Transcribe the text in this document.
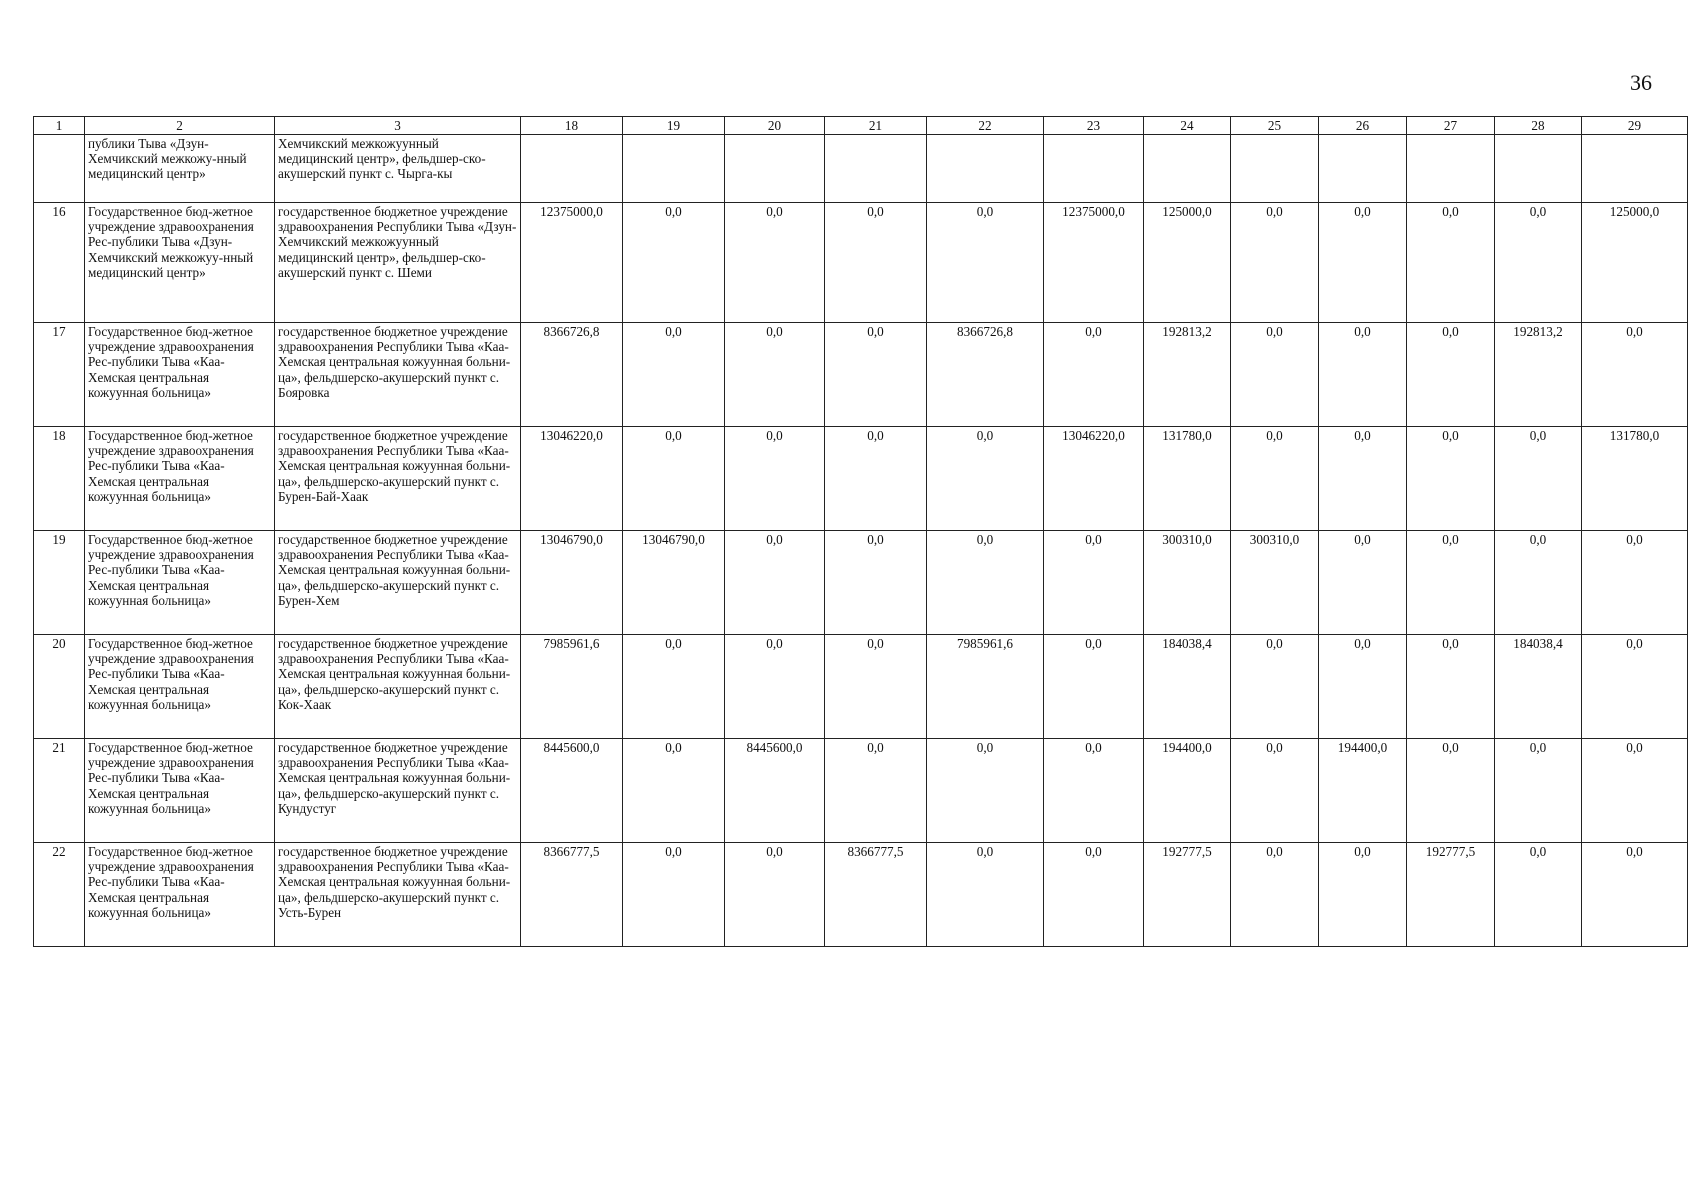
36
1	2	3	18	19	20	21	22	23	24	25	26	27	28	29
	публики Тыва «Дзун-Хемчикский межкожу-нный медицинский центр»	Хемчикский межкожуунный медицинский центр», фельдшер-ско-акушерский пункт с. Чырга-кы												
16	Государственное бюд-жетное учреждение здравоохранения Рес-публики Тыва «Дзун-Хемчикский межкожуу-нный медицинский центр»	государственное бюджетное учреждение здравоохранения Республики Тыва «Дзун-Хемчикский межкожуунный медицинский центр», фельдшер-ско-акушерский пункт с. Шеми	12375000,0	0,0	0,0	0,0	0,0	12375000,0	125000,0	0,0	0,0	0,0	0,0	125000,0
17	Государственное бюд-жетное учреждение здравоохранения Рес-публики Тыва «Каа-Хемская центральная кожуунная больница»	государственное бюджетное учреждение здравоохранения Республики Тыва «Каа-Хемская центральная кожуунная больни-ца», фельдшерско-акушерский пункт с. Бояровка	8366726,8	0,0	0,0	0,0	8366726,8	0,0	192813,2	0,0	0,0	0,0	192813,2	0,0
18	Государственное бюд-жетное учреждение здравоохранения Рес-публики Тыва «Каа-Хемская центральная кожуунная больница»	государственное бюджетное учреждение здравоохранения Республики Тыва «Каа-Хемская центральная кожуунная больни-ца», фельдшерско-акушерский пункт с. Бурен-Бай-Хаак	13046220,0	0,0	0,0	0,0	0,0	13046220,0	131780,0	0,0	0,0	0,0	0,0	131780,0
19	Государственное бюд-жетное учреждение здравоохранения Рес-публики Тыва «Каа-Хемская центральная кожуунная больница»	государственное бюджетное учреждение здравоохранения Республики Тыва «Каа-Хемская центральная кожуунная больни-ца», фельдшерско-акушерский пункт с. Бурен-Хем	13046790,0	13046790,0	0,0	0,0	0,0	0,0	300310,0	300310,0	0,0	0,0	0,0	0,0
20	Государственное бюд-жетное учреждение здравоохранения Рес-публики Тыва «Каа-Хемская центральная кожуунная больница»	государственное бюджетное учреждение здравоохранения Республики Тыва «Каа-Хемская центральная кожуунная больни-ца», фельдшерско-акушерский пункт с. Кок-Хаак	7985961,6	0,0	0,0	0,0	7985961,6	0,0	184038,4	0,0	0,0	0,0	184038,4	0,0
21	Государственное бюд-жетное учреждение здравоохранения Рес-публики Тыва «Каа-Хемская центральная кожуунная больница»	государственное бюджетное учреждение здравоохранения Республики Тыва «Каа-Хемская центральная кожуунная больни-ца», фельдшерско-акушерский пункт с. Кундустуг	8445600,0	0,0	8445600,0	0,0	0,0	0,0	194400,0	0,0	194400,0	0,0	0,0	0,0
22	Государственное бюд-жетное учреждение здравоохранения Рес-публики Тыва «Каа-Хемская центральная кожуунная больница»	государственное бюджетное учреждение здравоохранения Республики Тыва «Каа-Хемская центральная кожуунная больни-ца», фельдшерско-акушерский пункт с. Усть-Бурен	8366777,5	0,0	0,0	8366777,5	0,0	0,0	192777,5	0,0	0,0	192777,5	0,0	0,0
